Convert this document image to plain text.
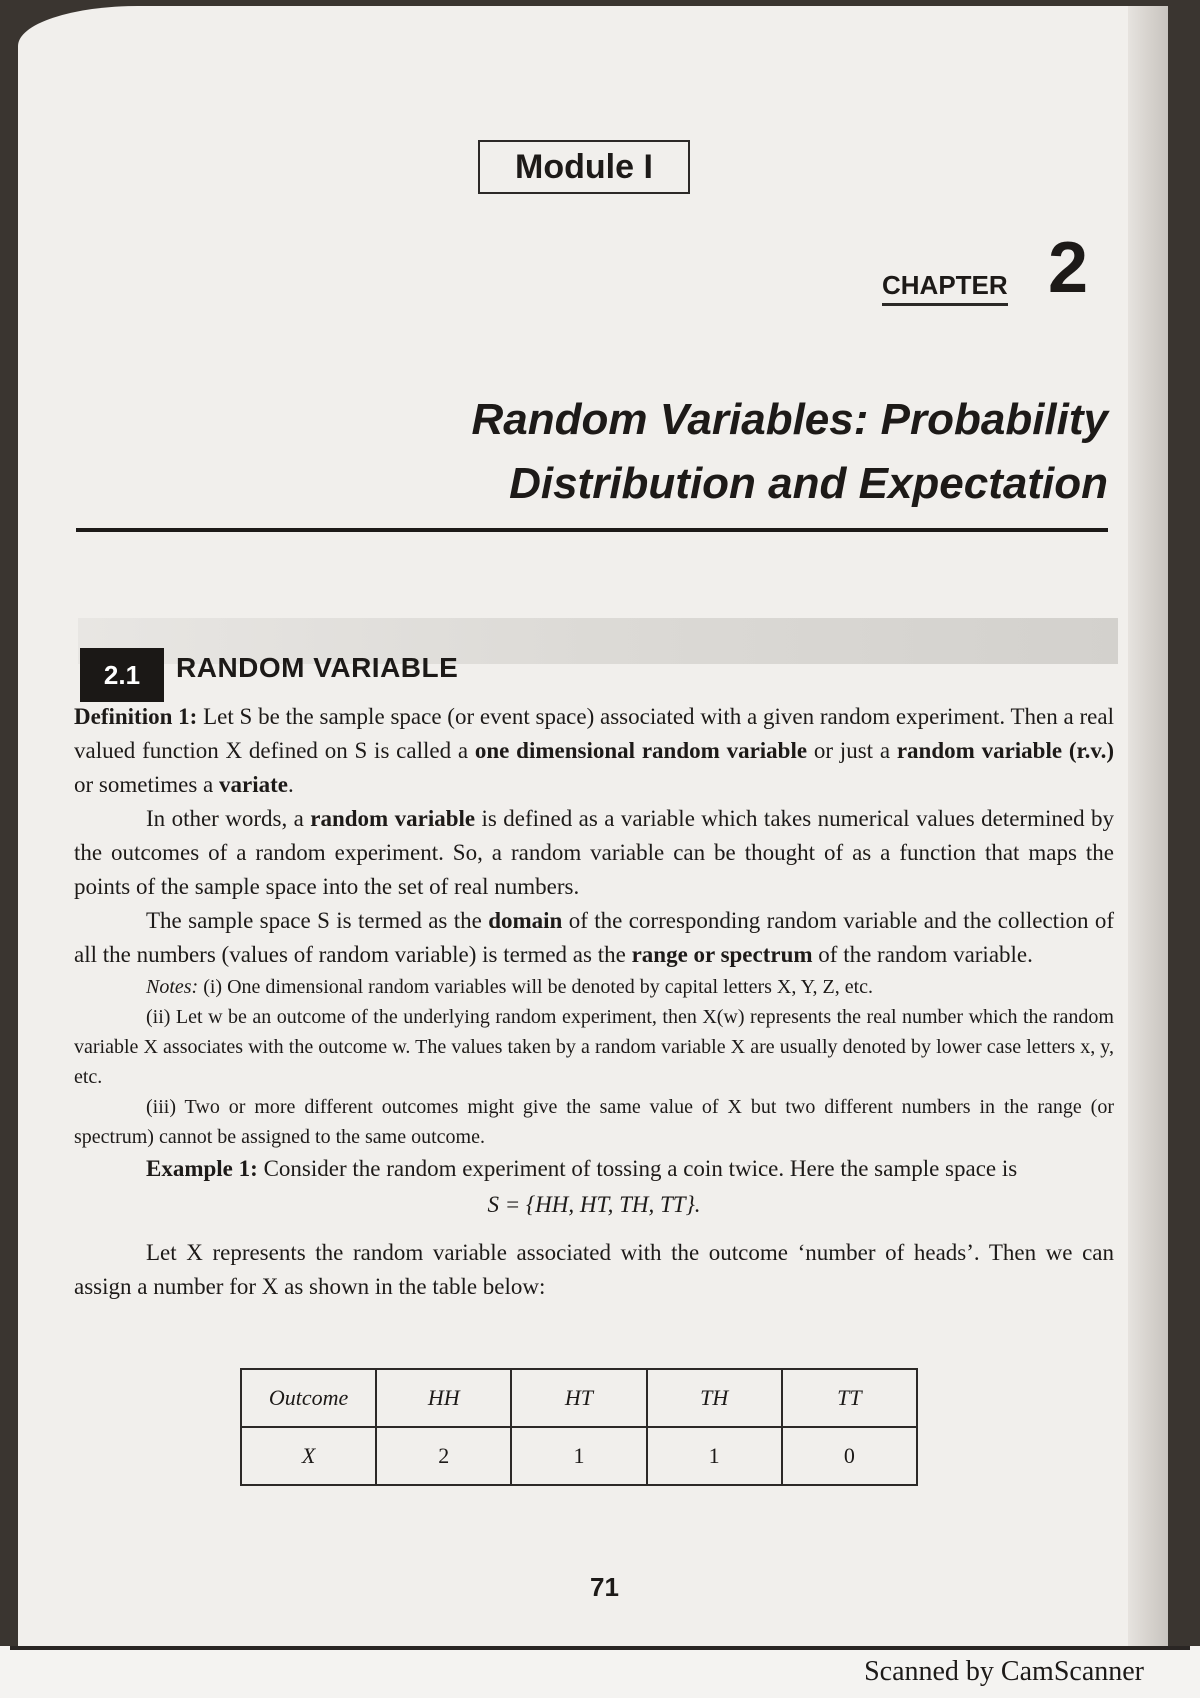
Module I
CHAPTER 2
Random Variables: Probability
Distribution and Expectation
2.1	RANDOM VARIABLE

Definition 1: Let S be the sample space (or event space) associated with a given random experiment. Then a real valued function X defined on S is called a one dimensional random variable or just a random variable (r.v.) or sometimes a variate.

In other words, a random variable is defined as a variable which takes numerical values determined by the outcomes of a random experiment. So, a random variable can be thought of as a function that maps the points of the sample space into the set of real numbers.

The sample space S is termed as the domain of the corresponding random variable and the collection of all the numbers (values of random variable) is termed as the range or spectrum of the random variable.

Notes: (i) One dimensional random variables will be denoted by capital letters X, Y, Z, etc.

(ii) Let w be an outcome of the underlying random experiment, then X(w) represents the real number which the random variable X associates with the outcome w. The values taken by a random variable X are usually denoted by lower case letters x, y, etc.

(iii) Two or more different outcomes might give the same value of X but two different numbers in the range (or spectrum) cannot be assigned to the same outcome.

Example 1: Consider the random experiment of tossing a coin twice. Here the sample space is

S = {HH, HT, TH, TT}.

Let X represents the random variable associated with the outcome ‘number of heads’. Then we can assign a number for X as shown in the table below:

Outcome	HH	HT	TH	TT
X	2	1	1	0
71
Scanned by CamScanner
